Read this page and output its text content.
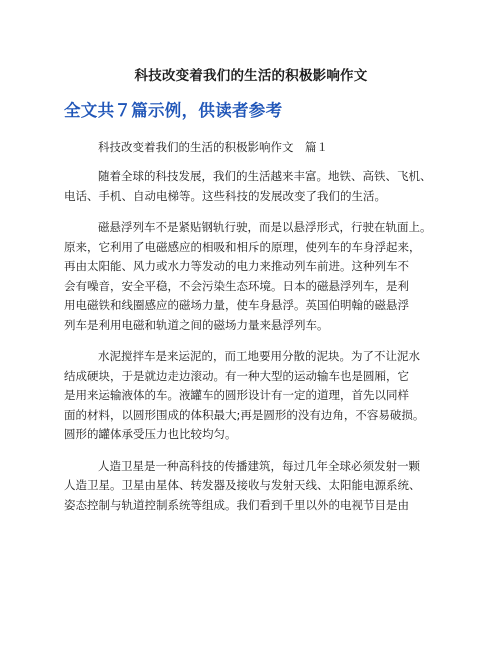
科技改变着我们的生活的积极影响作文
全文共７篇示例，供读者参考
科技改变着我们的生活的积极影响作文　篇１
随着全球的科技发展，我们的生活越来丰富。地铁、高铁、飞机、
电话、手机、自动电梯等。这些科技的发展改变了我们的生活。
磁悬浮列车不是紧贴钢轨行驶，而是以悬浮形式，行驶在轨面上。
原来，它利用了电磁感应的相吸和相斥的原理，使列车的车身浮起来，
再由太阳能、风力或水力等发动的电力来推动列车前进。这种列车不
会有噪音，安全平稳，不会污染生态环境。日本的磁悬浮列车，是利
用电磁铁和线圈感应的磁场力量，使车身悬浮。英国伯明翰的磁悬浮
列车是利用电磁和轨道之间的磁场力量来悬浮列车。
水泥搅拌车是来运泥的，而工地要用分散的泥块。为了不让泥水
结成硬块，于是就边走边滚动。有一种大型的运动输车也是圆厢，它
是用来运输液体的车。液罐车的圆形设计有一定的道理，首先以同样
面的材料，以圆形围成的体积最大;再是圆形的没有边角，不容易破损。
圆形的罐体承受压力也比较均匀。
人造卫星是一种高科技的传播建筑，每过几年全球必须发射一颗
人造卫星。卫星由星体、转发器及接收与发射天线、太阳能电源系统、
姿态控制与轨道控制系统等组成。我们看到千里以外的电视节目是由
